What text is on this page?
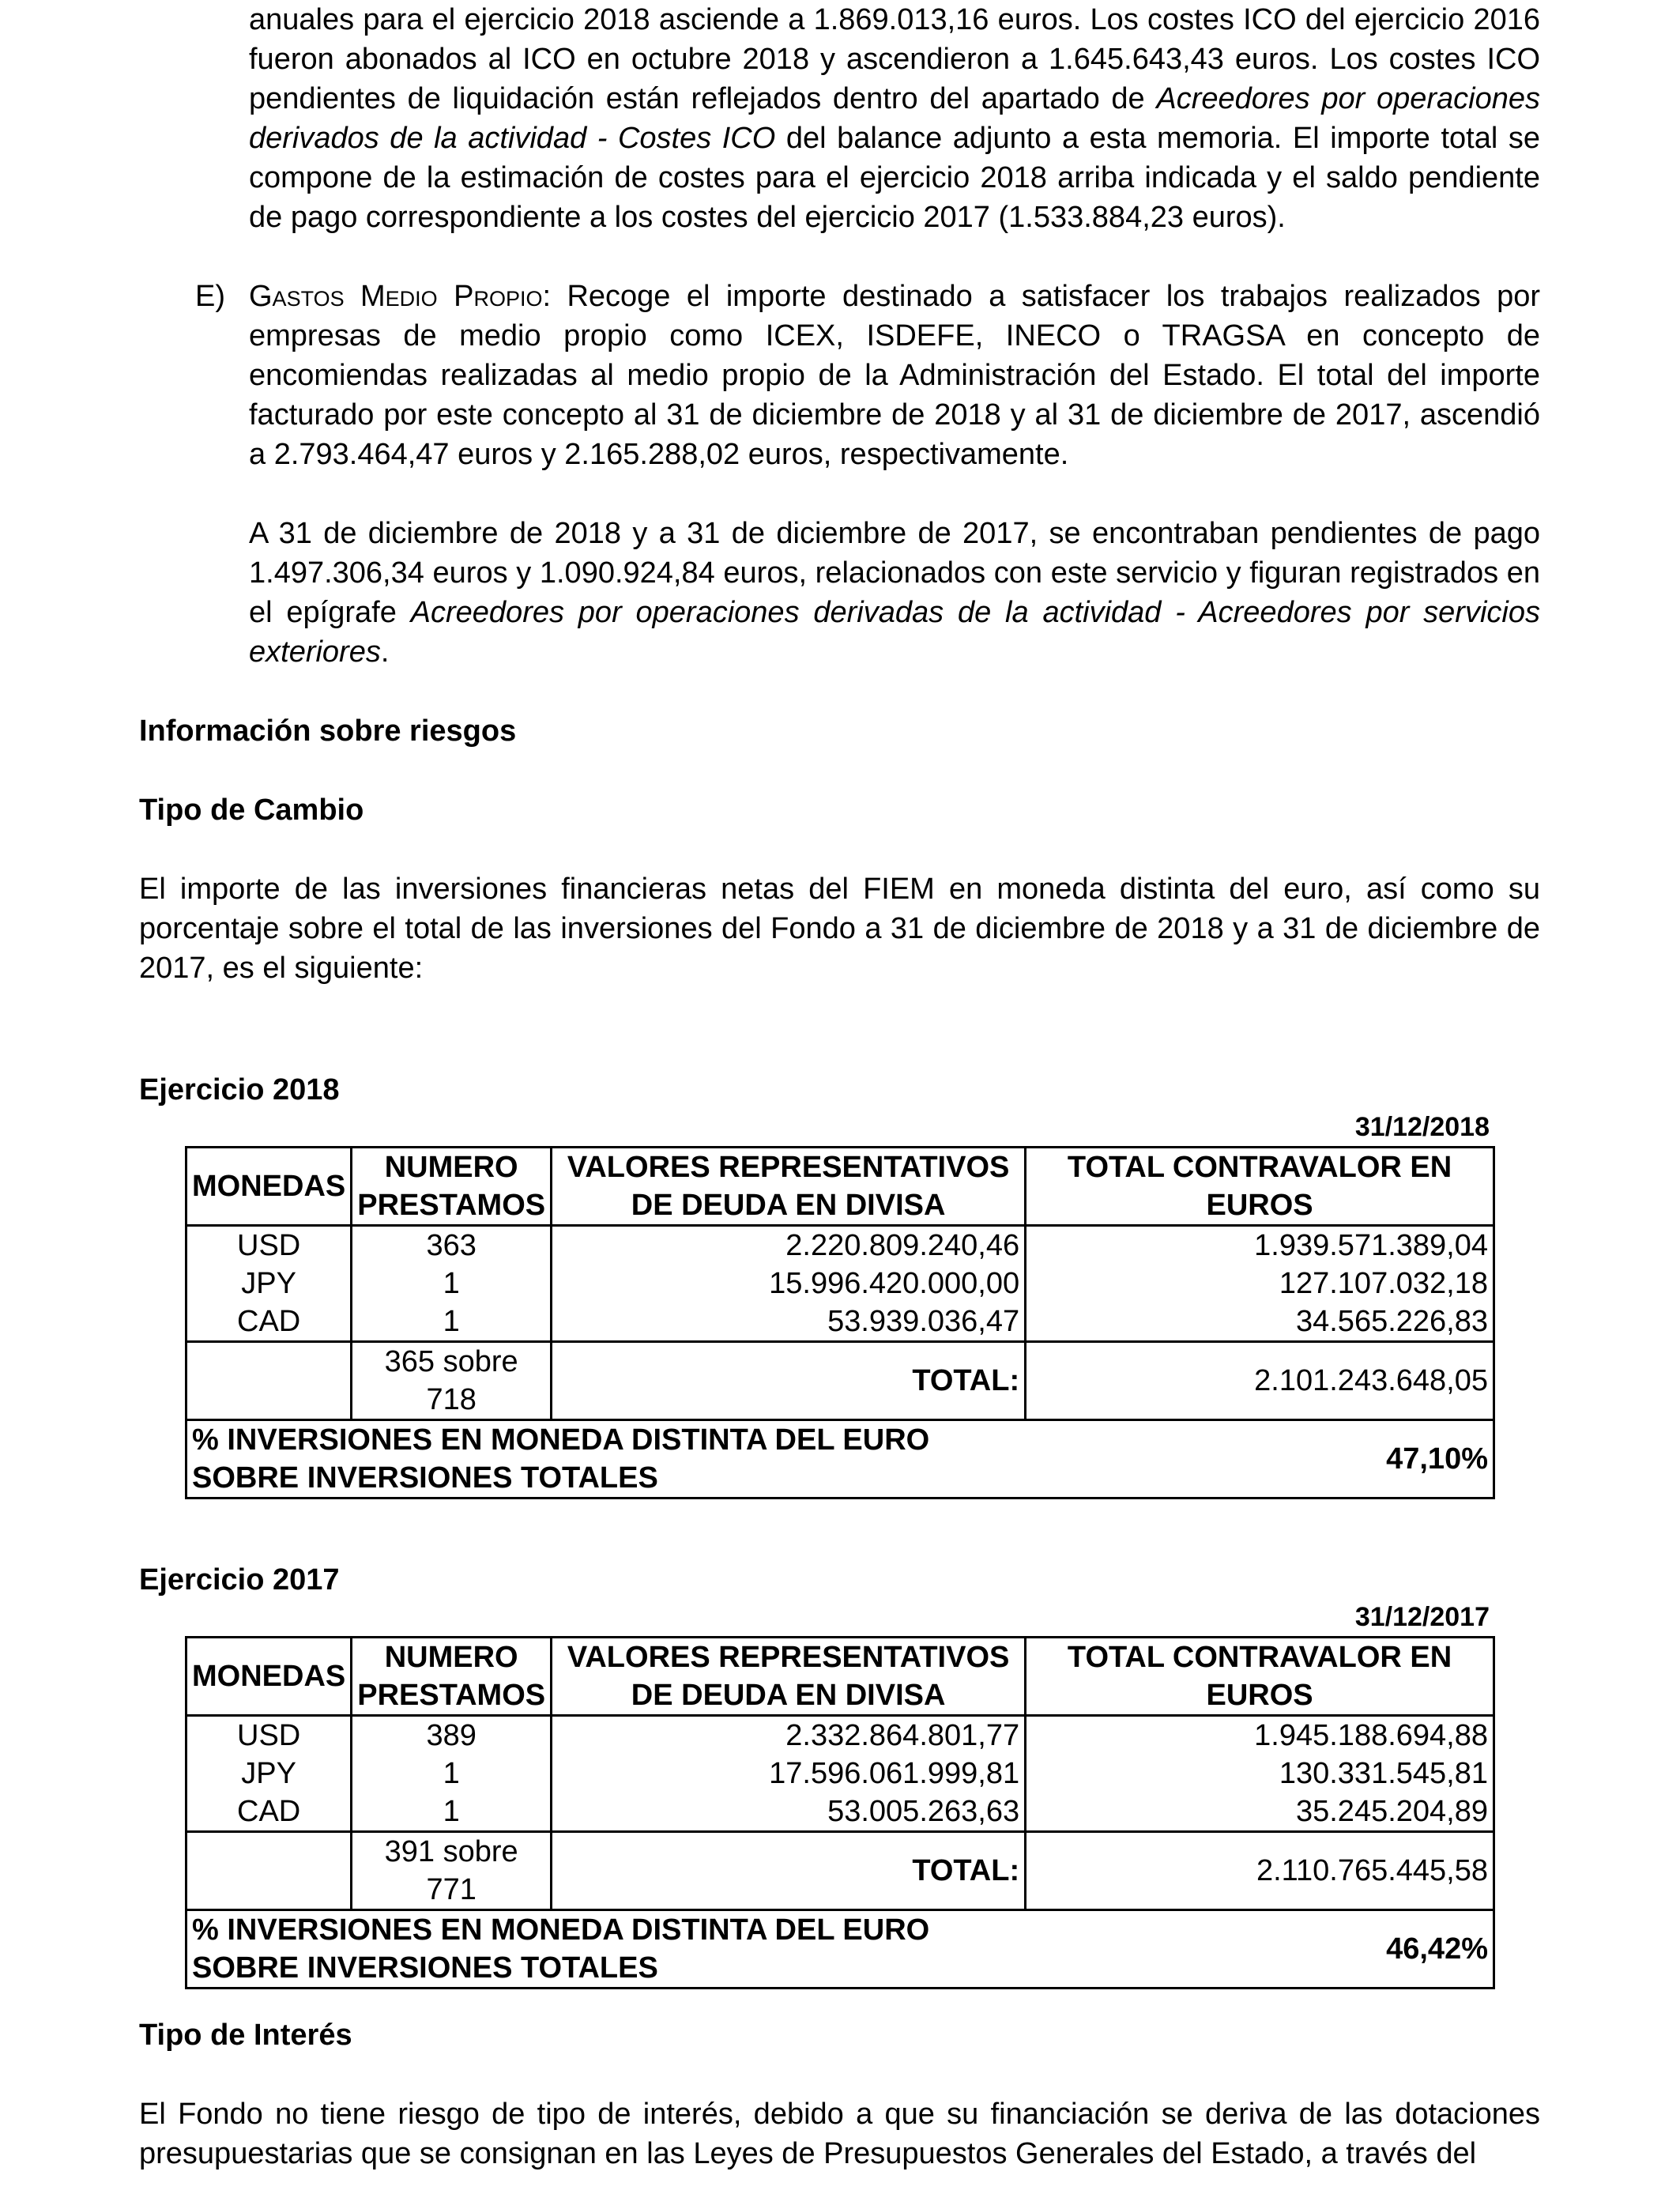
anuales para el ejercicio 2018 asciende a 1.869.013,16 euros. Los costes ICO del ejercicio 2016 fueron abonados al ICO en octubre 2018 y ascendieron a 1.645.643,43 euros. Los costes ICO pendientes de liquidación están reflejados dentro del apartado de Acreedores por operaciones derivados de la actividad - Costes ICO del balance adjunto a esta memoria. El importe total se compone de la estimación de costes para el ejercicio 2018 arriba indicada y el saldo pendiente de pago correspondiente a los costes del ejercicio 2017 (1.533.884,23 euros).

E) Gastos Medio Propio: Recoge el importe destinado a satisfacer los trabajos realizados por empresas de medio propio como ICEX, ISDEFE, INECO o TRAGSA en concepto de encomiendas realizadas al medio propio de la Administración del Estado. El total del importe facturado por este concepto al 31 de diciembre de 2018 y al 31 de diciembre de 2017, ascendió a 2.793.464,47 euros y 2.165.288,02 euros, respectivamente.

A 31 de diciembre de 2018 y a 31 de diciembre de 2017, se encontraban pendientes de pago 1.497.306,34 euros y 1.090.924,84 euros, relacionados con este servicio y figuran registrados en el epígrafe Acreedores por operaciones derivadas de la actividad - Acreedores por servicios exteriores.

Información sobre riesgos
Tipo de Cambio

El importe de las inversiones financieras netas del FIEM en moneda distinta del euro, así como su porcentaje sobre el total de las inversiones del Fondo a 31 de diciembre de 2018 y a 31 de diciembre de 2017, es el siguiente:

Ejercicio 2018
31/12/2018
MONEDAS	NUMERO PRESTAMOS	VALORES REPRESENTATIVOS DE DEUDA EN DIVISA	TOTAL CONTRAVALOR EN EUROS
USD	363	2.220.809.240,46	1.939.571.389,04
JPY	1	15.996.420.000,00	127.107.032,18
CAD	1	53.939.036,47	34.565.226,83
	365 sobre 718	TOTAL:	2.101.243.648,05
% INVERSIONES EN MONEDA DISTINTA DEL EURO SOBRE INVERSIONES TOTALES			47,10%
Ejercicio 2017
31/12/2017
MONEDAS	NUMERO PRESTAMOS	VALORES REPRESENTATIVOS DE DEUDA EN DIVISA	TOTAL CONTRAVALOR EN EUROS
USD	389	2.332.864.801,77	1.945.188.694,88
JPY	1	17.596.061.999,81	130.331.545,81
CAD	1	53.005.263,63	35.245.204,89
	391 sobre 771	TOTAL:	2.110.765.445,58
% INVERSIONES EN MONEDA DISTINTA DEL EURO SOBRE INVERSIONES TOTALES			46,42%
Tipo de Interés

El Fondo no tiene riesgo de tipo de interés, debido a que su financiación se deriva de las dotaciones presupuestarias que se consignan en las Leyes de Presupuestos Generales del Estado, a través del
